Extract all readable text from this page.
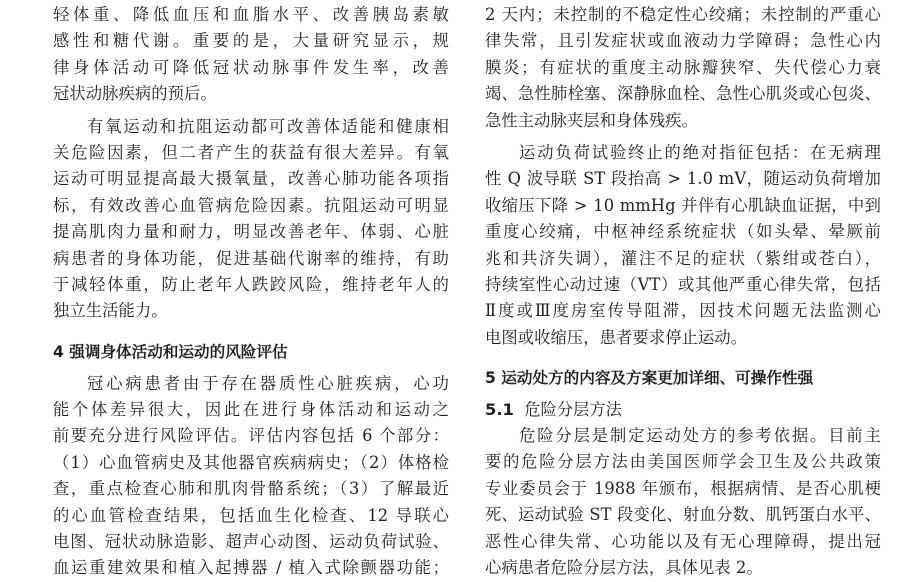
轻体重、降低血压和血脂水平、改善胰岛素敏
感性和糖代谢。重要的是，大量研究显示，规
律身体活动可降低冠状动脉事件发生率，改善
冠状动脉疾病的预后。
有氧运动和抗阻运动都可改善体适能和健康相
关危险因素，但二者产生的获益有很大差异。有氧
运动可明显提高最大摄氧量，改善心肺功能各项指
标，有效改善心血管病危险因素。抗阻运动可明显
提高肌肉力量和耐力，明显改善老年、体弱、心脏
病患者的身体功能，促进基础代谢率的维持，有助
于减轻体重，防止老年人跌跤风险，维持老年人的
独立生活能力。
4 强调身体活动和运动的风险评估
冠心病患者由于存在器质性心脏疾病，心功
能个体差异很大，因此在进行身体活动和运动之
前要充分进行风险评估。评估内容包括 6 个部分：
（1）心血管病史及其他器官疾病病史；（2）体格检
查，重点检查心肺和肌肉骨骼系统；（3）了解最近
的心血管检查结果，包括血生化检查、12 导联心
电图、冠状动脉造影、超声心动图、运动负荷试验、
血运重建效果和植入起搏器 / 植入式除颤器功能；
2 天内；未控制的不稳定性心绞痛；未控制的严重心
律失常，且引发症状或血液动力学障碍；急性心内
膜炎；有症状的重度主动脉瓣狭窄、失代偿心力衰
竭、急性肺栓塞、深静脉血栓、急性心肌炎或心包炎、
急性主动脉夹层和身体残疾。
运动负荷试验终止的绝对指征包括：在无病理
性 Q 波导联 ST 段抬高 > 1.0 mV，随运动负荷增加
收缩压下降 > 10 mmHg 并伴有心肌缺血证据，中到
重度心绞痛，中枢神经系统症状（如头晕、晕厥前
兆和共济失调），灌注不足的症状（紫绀或苍白），
持续室性心动过速（VT）或其他严重心律失常，包括
Ⅱ度或Ⅲ度房室传导阻滞，因技术问题无法监测心
电图或收缩压，患者要求停止运动。
5 运动处方的内容及方案更加详细、可操作性强
5.1 危险分层方法
危险分层是制定运动处方的参考依据。目前主
要的危险分层方法由美国医师学会卫生及公共政策
专业委员会于 1988 年颁布，根据病情、是否心肌梗
死、运动试验 ST 段变化、射血分数、肌钙蛋白水平、
恶性心律失常、心功能以及有无心理障碍，提出冠
心病患者危险分层方法，具体见表 2。
